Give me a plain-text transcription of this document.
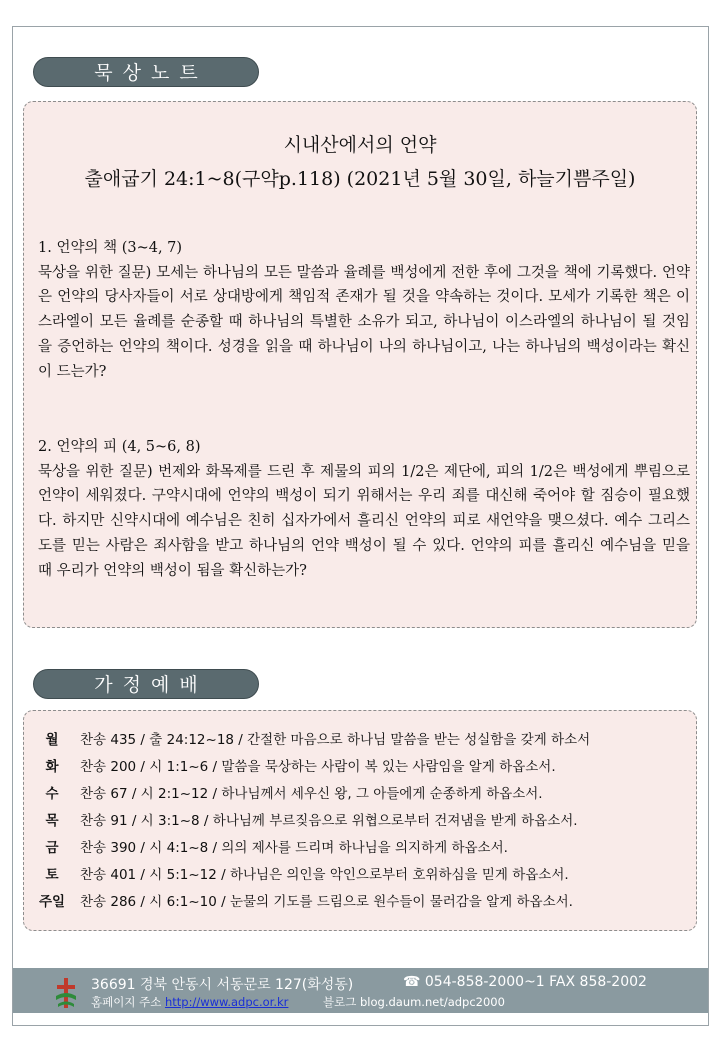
묵상노트
시내산에서의 언약
출애굽기 24:1~8(구약p.118) (2021년 5월 30일, 하늘기쁨주일)
1. 언약의 책 (3~4, 7)

묵상을 위한 질문) 모세는 하나님의 모든 말씀과 율례를 백성에게 전한 후에 그것을 책에 기록했다. 언약은 언약의 당사자들이 서로 상대방에게 책임적 존재가 될 것을 약속하는 것이다. 모세가 기록한 책은 이스라엘이 모든 율례를 순종할 때 하나님의 특별한 소유가 되고, 하나님이 이스라엘의 하나님이 될 것임을 증언하는 언약의 책이다. 성경을 읽을 때 하나님이 나의 하나님이고, 나는 하나님의 백성이라는 확신이 드는가?

2. 언약의 피 (4, 5~6, 8)

묵상을 위한 질문) 번제와 화목제를 드린 후 제물의 피의 1/2은 제단에, 피의 1/2은 백성에게 뿌림으로 언약이 세워졌다. 구약시대에 언약의 백성이 되기 위해서는 우리 죄를 대신해 죽어야 할 짐승이 필요했다. 하지만 신약시대에 예수님은 친히 십자가에서 흘리신 언약의 피로 새언약을 맺으셨다. 예수 그리스도를 믿는 사람은 죄사함을 받고 하나님의 언약 백성이 될 수 있다. 언약의 피를 흘리신 예수님을 믿을 때 우리가 언약의 백성이 됨을 확신하는가?

가정예배
월	찬송 435 / 출 24:12~18 / 간절한 마음으로 하나님 말씀을 받는 성실함을 갖게 하소서
화	찬송 200 / 시 1:1~6 / 말씀을 묵상하는 사람이 복 있는 사람임을 알게 하옵소서.
수	찬송 67 / 시 2:1~12 / 하나님께서 세우신 왕, 그 아들에게 순종하게 하옵소서.
목	찬송 91 / 시 3:1~8 / 하나님께 부르짖음으로 위협으로부터 건져냄을 받게 하옵소서.
금	찬송 390 / 시 4:1~8 / 의의 제사를 드리며 하나님을 의지하게 하옵소서.
토	찬송 401 / 시 5:1~12 / 하나님은 의인을 악인으로부터 호위하심을 믿게 하옵소서.
주일	찬송 286 / 시 6:1~10 / 눈물의 기도를 드림으로 원수들이 물러감을 알게 하옵소서.
36691 경북 안동시 서동문로 127(화성동)	☎ 054-858-2000~1 FAX 858-2002
홈페이지 주소 http://www.adpc.or.kr	블로그 blog.daum.net/adpc2000
